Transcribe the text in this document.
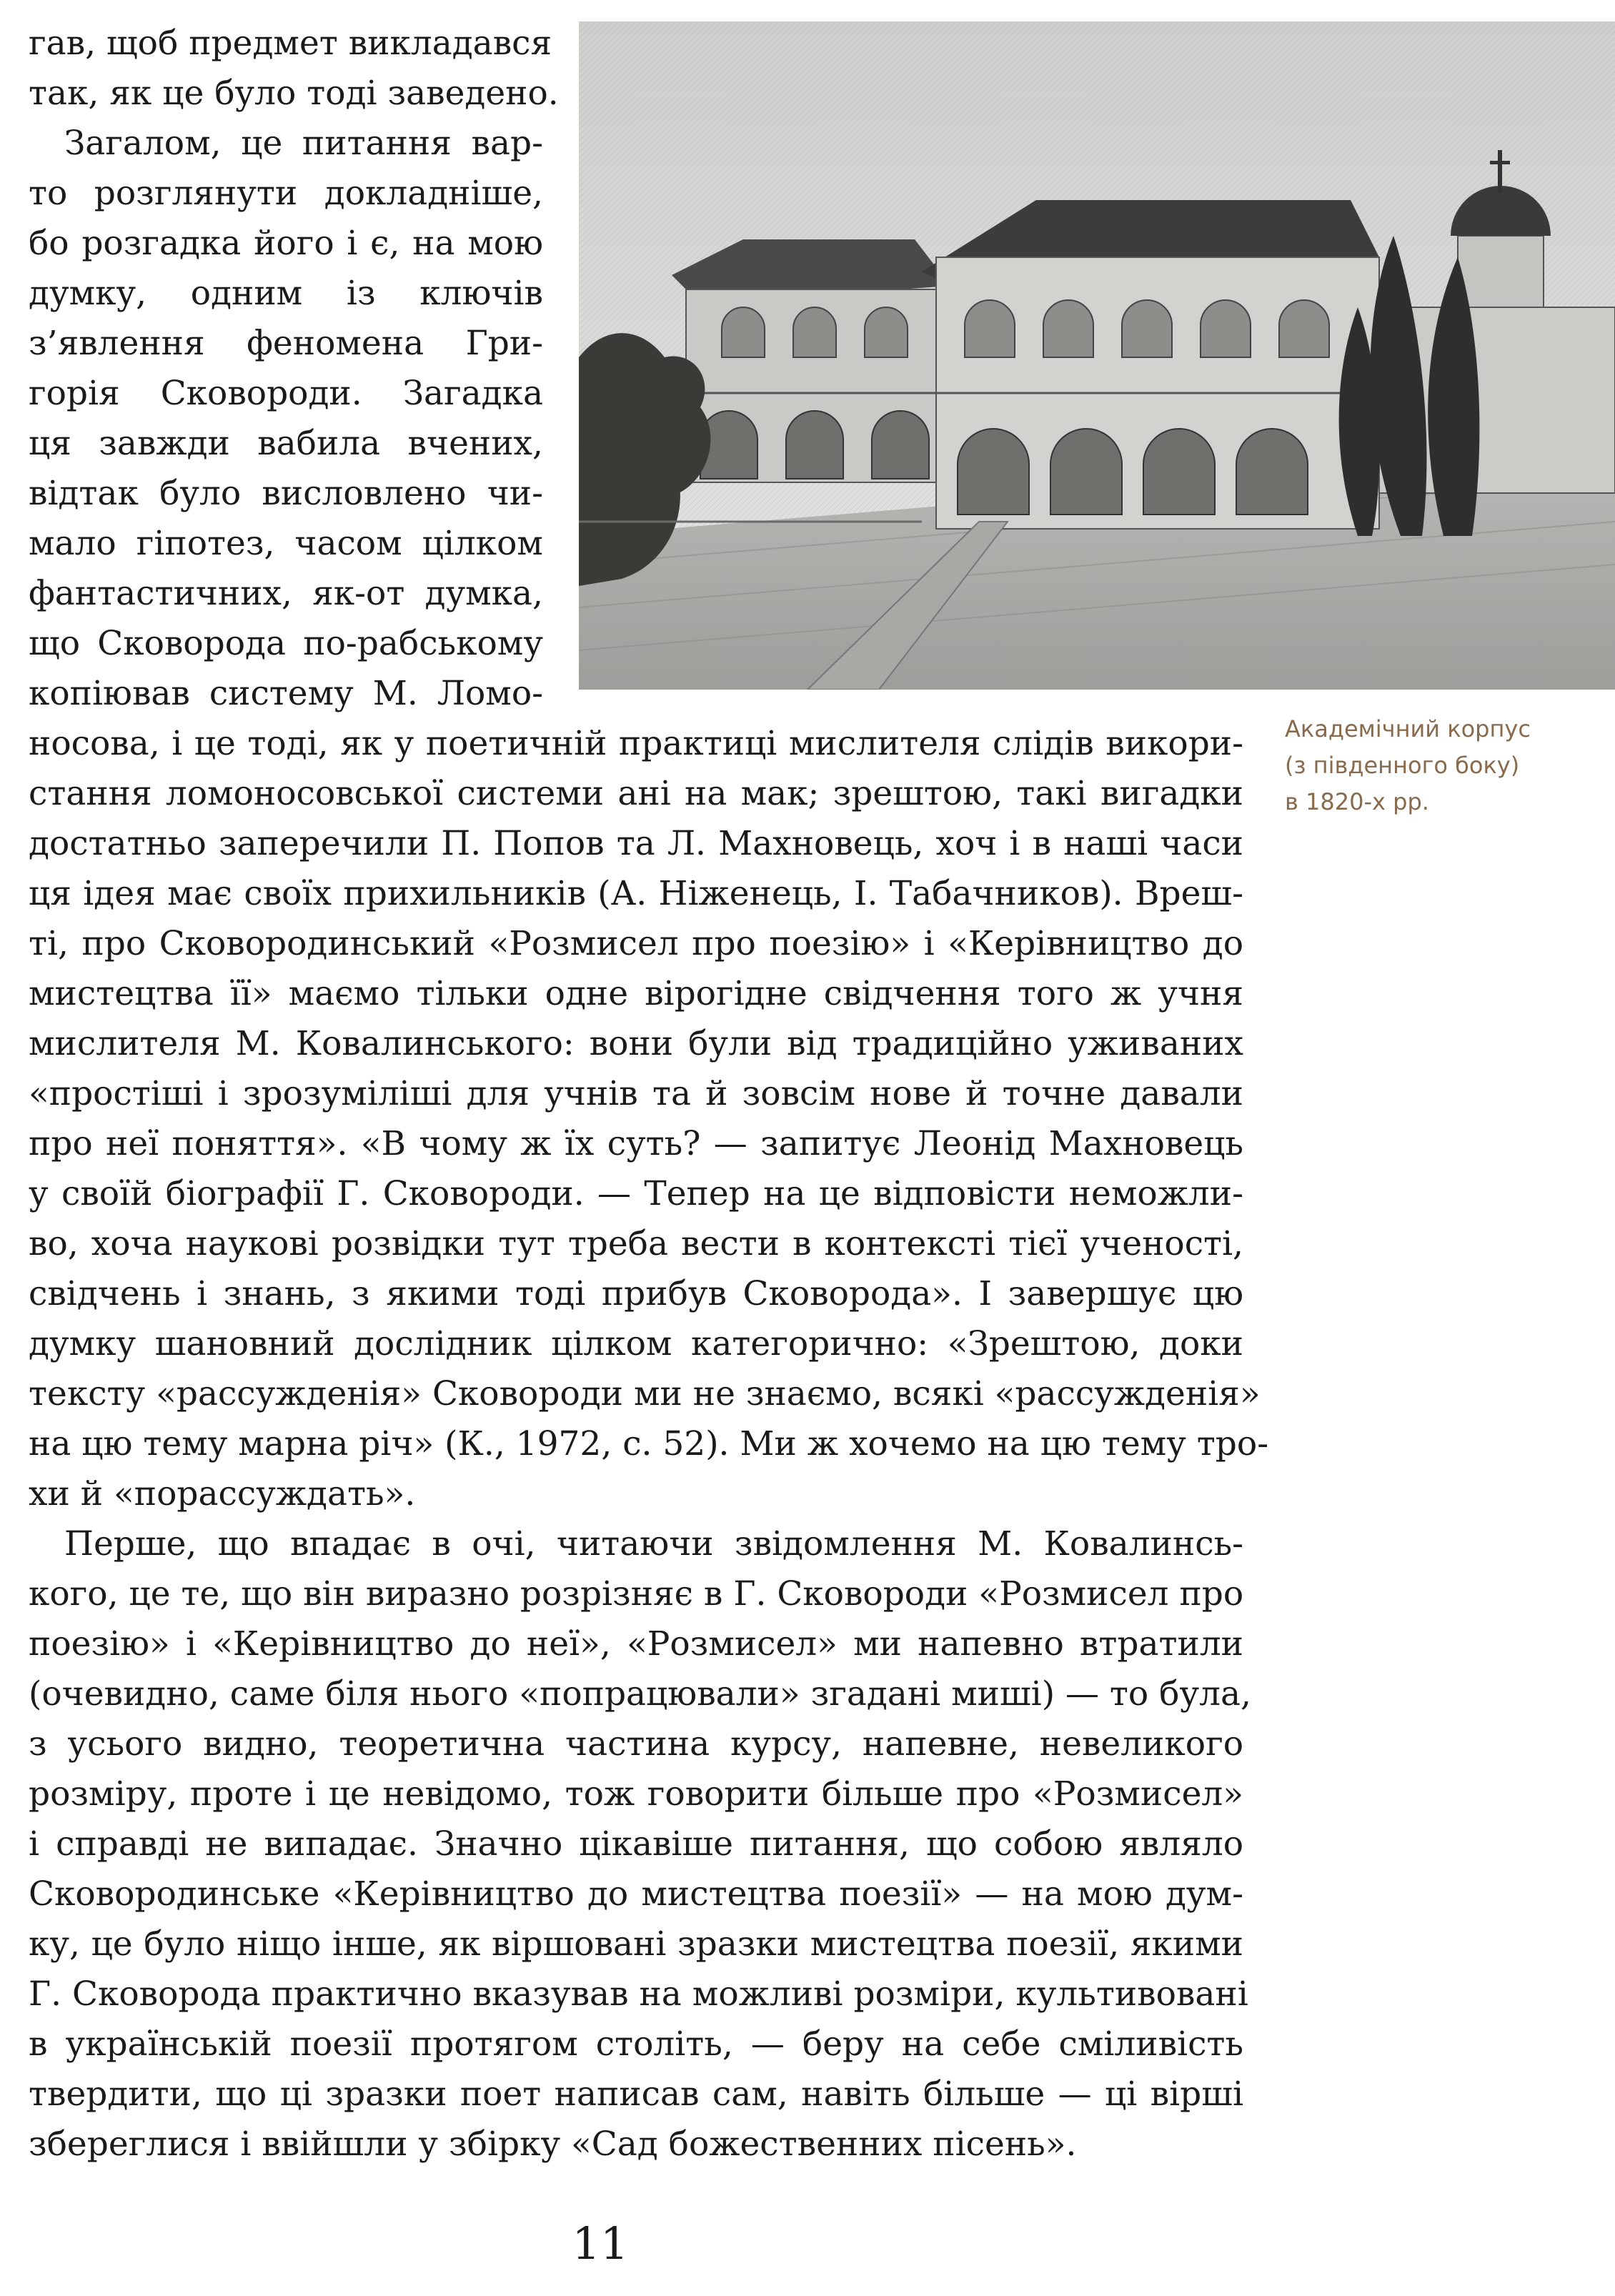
Академічний корпус
(з південного боку)
в 1820-х рр.
гав, щоб предмет викладався
так, як це було тоді заведено.
Загалом, це питання вар-
то розглянути докладніше,
бо розгадка його і є, на мою
думку, одним із ключів
з’явлення феномена Гри-
горія Сковороди. Загадка
ця завжди вабила вчених,
відтак було висловлено чи-
мало гіпотез, часом цілком
фантастичних, як-от думка,
що Сковорода по-рабському
копіював систему М. Ломо-
носова, і це тоді, як у поетичній практиці мислителя слідів викори-
стання ломоносовської системи ані на мак; зрештою, такі вигадки
достатньо заперечили П. Попов та Л. Махновець, хоч і в наші часи
ця ідея має своїх прихильників (А. Ніженець, І. Табачников). Вреш-
ті, про Сковородинський «Розмисел про поезію» і «Керівництво до
мистецтва її» маємо тільки одне вірогідне свідчення того ж учня
мислителя М. Ковалинського: вони були від традиційно уживаних
«простіші і зрозуміліші для учнів та й зовсім нове й точне давали
про неї поняття». «В чому ж їх суть? — запитує Леонід Махновець
у своїй біографії Г. Сковороди. — Тепер на це відповісти неможли-
во, хоча наукові розвідки тут треба вести в контексті тієї ученості,
свідчень і знань, з якими тоді прибув Сковорода». І завершує цю
думку шановний дослідник цілком категорично: «Зрештою, доки
тексту «рассужденія» Сковороди ми не знаємо, всякі «рассужденія»
на цю тему марна річ» (К., 1972, с. 52). Ми ж хочемо на цю тему тро-
хи й «порассуждать».
Перше, що впадає в очі, читаючи звідомлення М. Ковалинсь-
кого, це те, що він виразно розрізняє в Г. Сковороди «Розмисел про
поезію» і «Керівництво до неї», «Розмисел» ми напевно втратили
(очевидно, саме біля нього «попрацювали» згадані миші) — то була,
з усього видно, теоретична частина курсу, напевне, невеликого
розміру, проте і це невідомо, тож говорити більше про «Розмисел»
і справді не випадає. Значно цікавіше питання, що собою являло
Сковородинське «Керівництво до мистецтва поезії» — на мою дум-
ку, це було ніщо інше, як віршовані зразки мистецтва поезії, якими
Г. Сковорода практично вказував на можливі розміри, культивовані
в українській поезії протягом століть, — беру на себе сміливість
твердити, що ці зразки поет написав сам, навіть більше — ці вірші
збереглися і ввійшли у збірку «Сад божественних пісень».
11
